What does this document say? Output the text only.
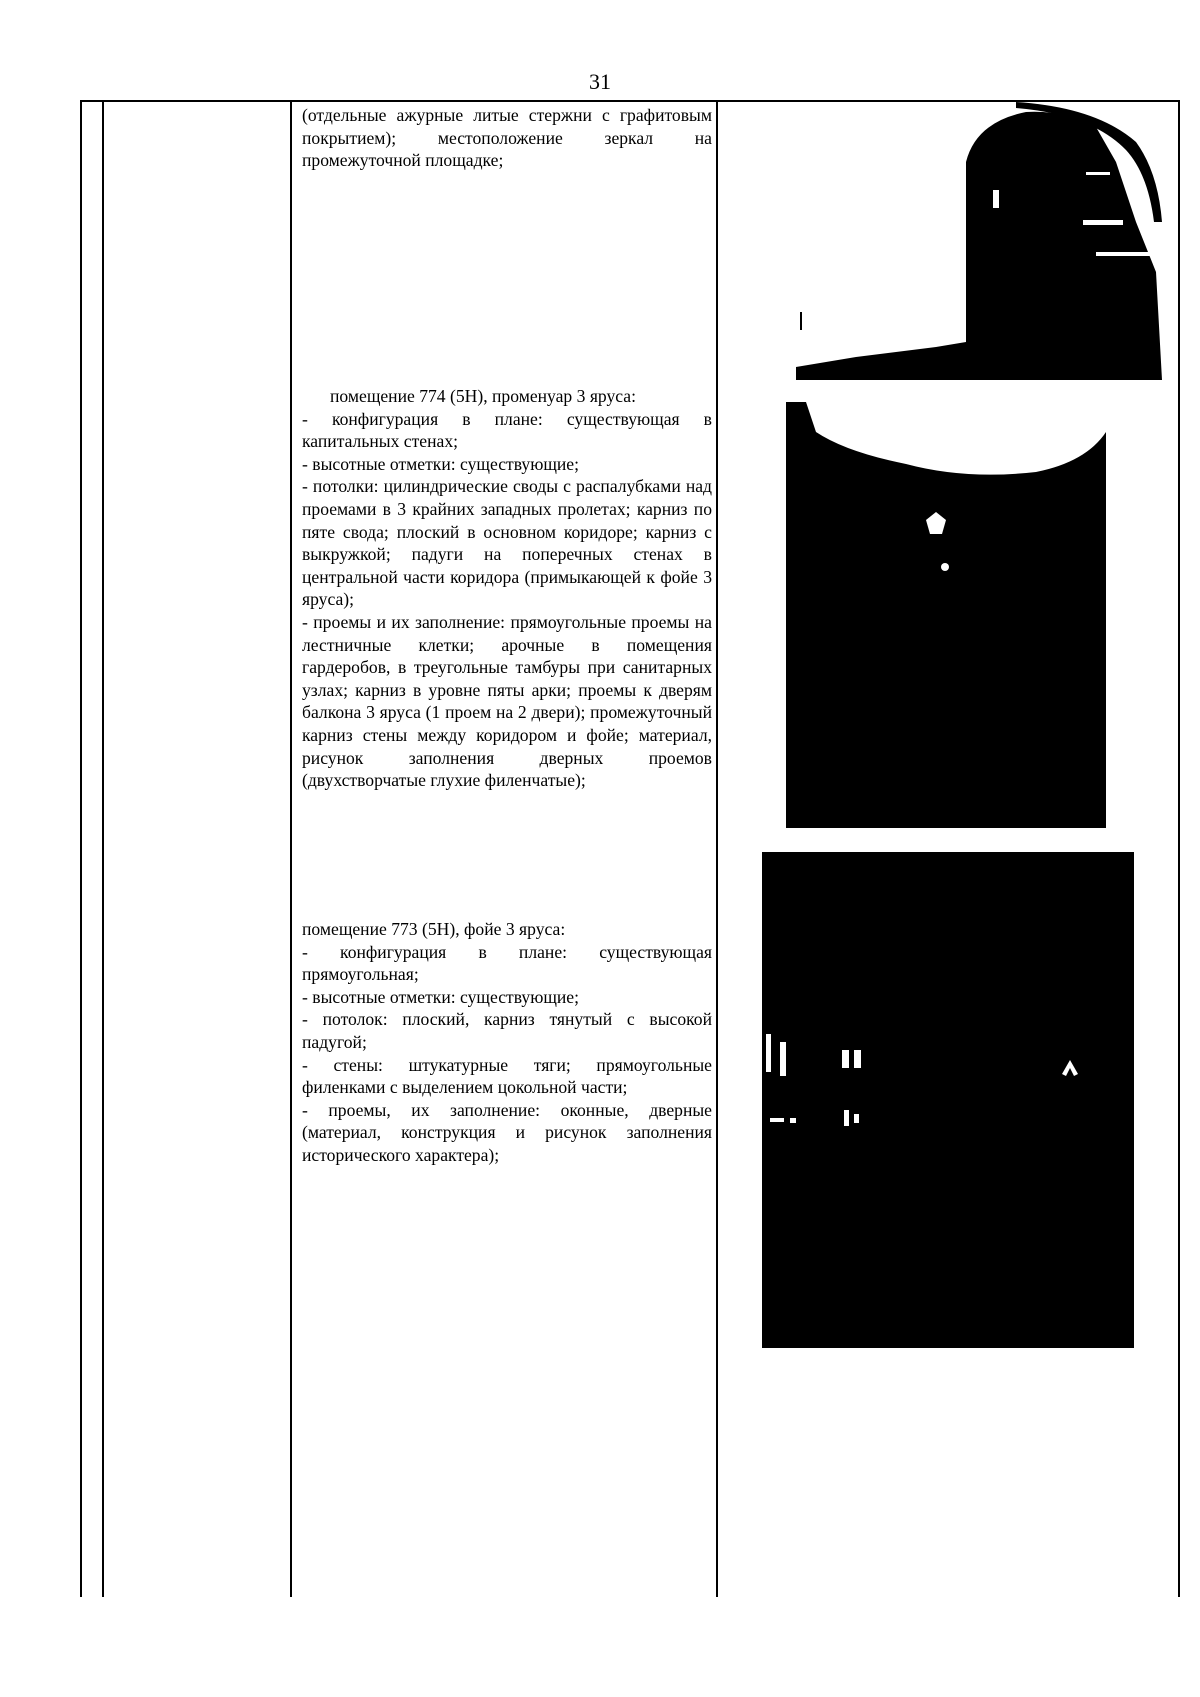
31

(отдельные ажурные литые стержни с графитовым покрытием); местоположение зеркал на промежуточной площадке;

помещение 774 (5Н), променуар 3 яруса:

- конфигурация в плане: существующая в капитальных стенах;

- высотные отметки: существующие;

- потолки: цилиндрические своды с распалубками над проемами в 3 крайних западных пролетах; карниз по пяте свода; плоский в основном коридоре; карниз с выкружкой; падуги на поперечных стенах в центральной части коридора (примыкающей к фойе 3 яруса);

- проемы и их заполнение: прямоугольные проемы на лестничные клетки; арочные в помещения гардеробов, в треугольные тамбуры при санитарных узлах; карниз в уровне пяты арки; проемы к дверям балкона 3 яруса (1 проем на 2 двери); промежуточный карниз стены между коридором и фойе; материал, рисунок заполнения дверных проемов (двухстворчатые глухие филенчатые);

помещение 773 (5Н), фойе 3 яруса:

- конфигурация в плане: существующая прямоугольная;

- высотные отметки: существующие;

- потолок: плоский, карниз тянутый с высокой падугой;

- стены: штукатурные тяги; прямоугольные филенками с выделением цокольной части;

- проемы, их заполнение: оконные, дверные (материал, конструкция и рисунок заполнения исторического характера);
